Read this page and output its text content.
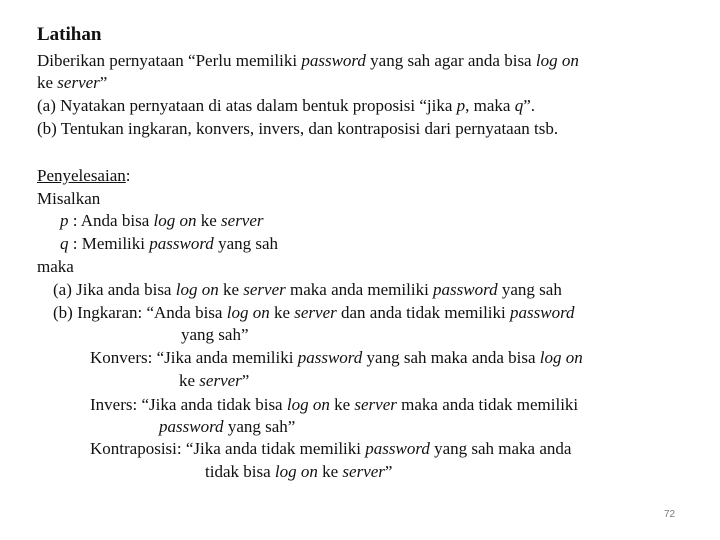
Latihan
Diberikan pernyataan “Perlu memiliki password yang sah agar anda bisa log on
ke server”
(a) Nyatakan pernyataan di atas dalam bentuk proposisi “jika p, maka q”.
(b) Tentukan ingkaran, konvers, invers, dan kontraposisi dari pernyataan tsb.
Penyelesaian:
Misalkan
p : Anda bisa log on ke server
q : Memiliki password yang sah
maka
(a) Jika anda bisa log on ke server maka anda memiliki password yang sah
(b) Ingkaran: “Anda bisa log on ke server dan anda tidak memiliki password
yang sah”
Konvers: “Jika anda memiliki password yang sah maka anda bisa log on
ke server”
Invers: “Jika anda tidak bisa log on ke server maka anda tidak memiliki
password yang sah”
Kontraposisi: “Jika anda tidak memiliki password yang sah maka anda
tidak bisa log on ke server”
72
